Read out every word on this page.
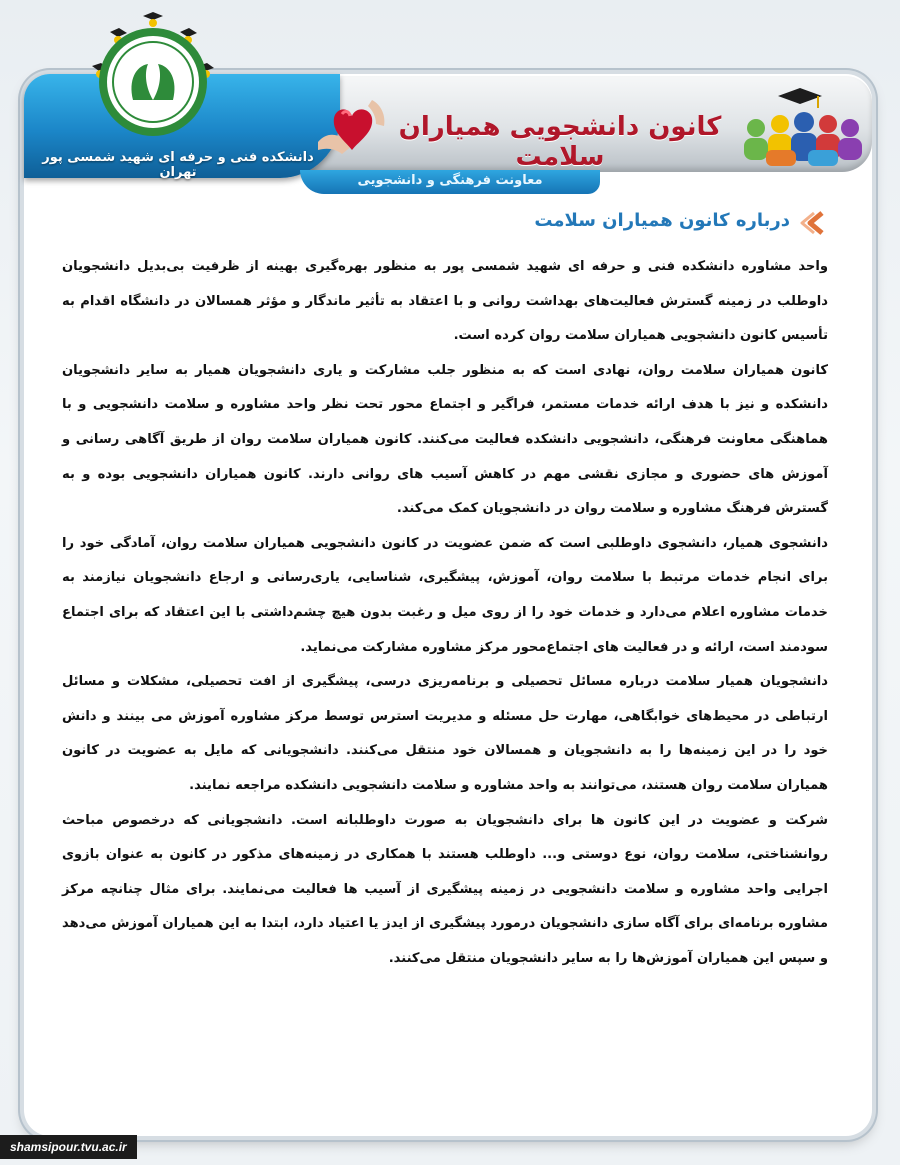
دانشکده فنی و حرفه ای شهید شمسی پور تهران
معاونت فرهنگی و دانشجویی
کانون دانشجویی همیاران سلامت
درباره کانون همیاران سلامت

واحد مشاوره دانشکده فنی و حرفه ای شهید شمسی پور به منظور بهره‌گیری بهینه از ظرفیت بی‌بدیل دانشجویان داوطلب در زمینه گسترش فعالیت‌های بهداشت روانی و با اعتقاد به تأثیر ماندگار و مؤثر همسالان در دانشگاه اقدام به تأسیس کانون دانشجویی همیاران سلامت روان کرده است.

کانون همیاران سلامت روان، نهادی است که به منظور جلب مشارکت و یاری دانشجویان همیار به سایر دانشجویان دانشکده و نیز با هدف ارائه خدمات مستمر، فراگیر و اجتماع محور تحت نظر واحد مشاوره و سلامت دانشجویی و با هماهنگی معاونت فرهنگی، دانشجویی دانشکده فعالیت می‌کنند. کانون همیاران سلامت روان از طریق آگاهی رسانی و آموزش های حضوری و مجازی نقشی مهم در کاهش آسیب های روانی دارند. کانون همیاران دانشجویی بوده و به گسترش فرهنگ مشاوره و سلامت روان در دانشجویان کمک می‌کند.

دانشجوی همیار، دانشجوی داوطلبی است که ضمن عضویت در کانون دانشجویی همیاران سلامت روان، آمادگی خود را برای انجام خدمات مرتبط با سلامت روان، آموزش، پیشگیری، شناسایی، یاری‌رسانی و ارجاع دانشجویان نیازمند به خدمات مشاوره اعلام می‌دارد و خدمات خود را از روی میل و رغبت بدون هیچ چشم‌داشتی با این اعتقاد که برای اجتماع سودمند است، ارائه و در فعالیت های اجتماع‌محور مرکز مشاوره مشارکت می‌نماید.

دانشجویان همیار سلامت درباره مسائل تحصیلی و برنامه‌ریزی درسی، پیشگیری از افت تحصیلی، مشکلات و مسائل ارتباطی در محیط‌های خوابگاهی، مهارت حل مسئله و مدیریت استرس توسط مرکز مشاوره آموزش می بینند و دانش خود را در این زمینه‌ها را به دانشجویان و همسالان خود منتقل می‌کنند. دانشجویانی که مایل به عضویت در کانون همیاران سلامت روان هستند، می‌توانند به واحد مشاوره و سلامت دانشجویی دانشکده مراجعه نمایند.

شرکت و عضویت در این کانون ها برای دانشجویان به صورت داوطلبانه است. دانشجویانی که درخصوص مباحث روانشناختی، سلامت روان، نوع دوستی و... داوطلب هستند با همکاری در زمینه‌های مذکور در کانون به عنوان بازوی اجرایی واحد مشاوره و سلامت دانشجویی در زمینه پیشگیری از آسیب ها فعالیت می‌نمایند. برای مثال چنانچه مرکز مشاوره برنامه‌ای برای آگاه سازی دانشجویان درمورد پیشگیری از ایدز یا اعتیاد دارد، ابتدا به این همیاران آموزش می‌دهد و سپس این همیاران آموزش‌ها را به سایر دانشجویان منتقل می‌کنند.

shamsipour.tvu.ac.ir
